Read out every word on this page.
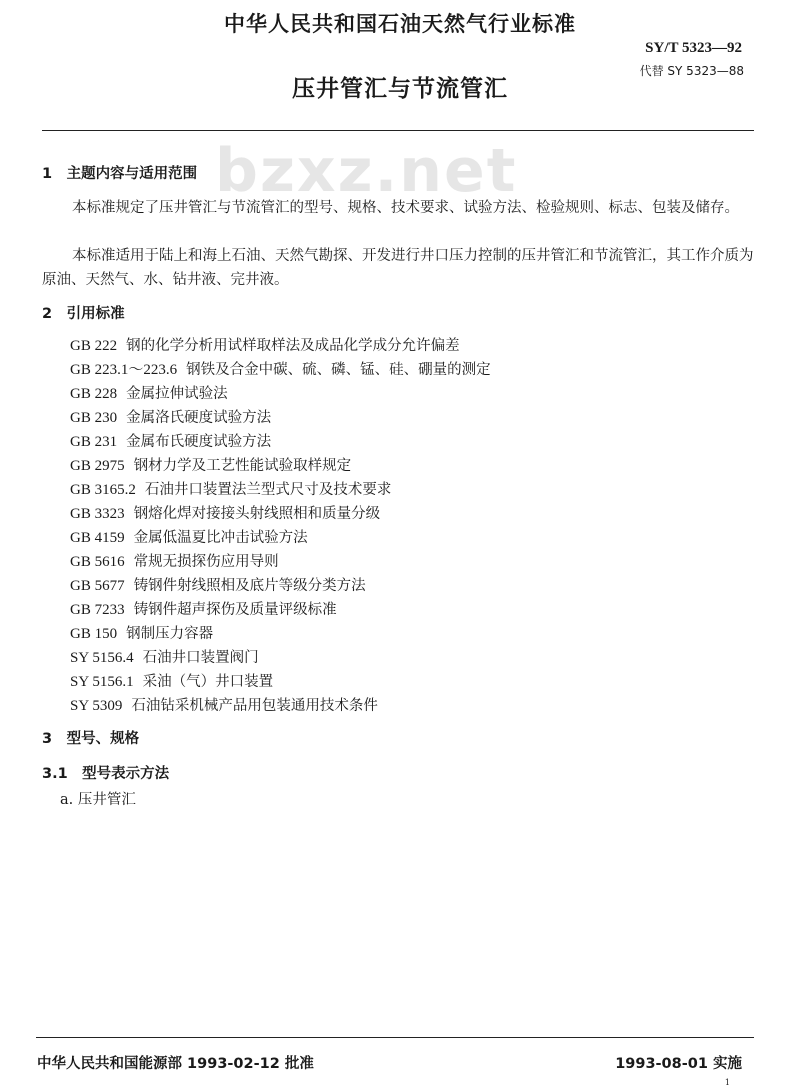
中华人民共和国石油天然气行业标准
SY/T 5323—92
代替 SY 5323—88
压井管汇与节流管汇
bzxz.net
1　主题内容与适用范围
本标准规定了压井管汇与节流管汇的型号、规格、技术要求、试验方法、检验规则、标志、包装及储存。
本标准适用于陆上和海上石油、天然气勘探、开发进行井口压力控制的压井管汇和节流管汇，其工作介质为原油、天然气、水、钻井液、完井液。
2　引用标准
GB 222 钢的化学分析用试样取样法及成品化学成分允许偏差
GB 223.1～223.6 钢铁及合金中碳、硫、磷、锰、硅、硼量的测定
GB 228 金属拉伸试验法
GB 230 金属洛氏硬度试验方法
GB 231 金属布氏硬度试验方法
GB 2975 钢材力学及工艺性能试验取样规定
GB 3165.2 石油井口装置法兰型式尺寸及技术要求
GB 3323 钢熔化焊对接接头射线照相和质量分级
GB 4159 金属低温夏比冲击试验方法
GB 5616 常规无损探伤应用导则
GB 5677 铸钢件射线照相及底片等级分类方法
GB 7233 铸钢件超声探伤及质量评级标准
GB 150 钢制压力容器
SY 5156.4 石油井口装置阀门
SY 5156.1 采油（气）井口装置
SY 5309 石油钻采机械产品用包装通用技术条件
3　型号、规格
3.1　型号表示方法
a. 压井管汇
中华人民共和国能源部 1993-02-12 批准	1993-08-01 实施
1
